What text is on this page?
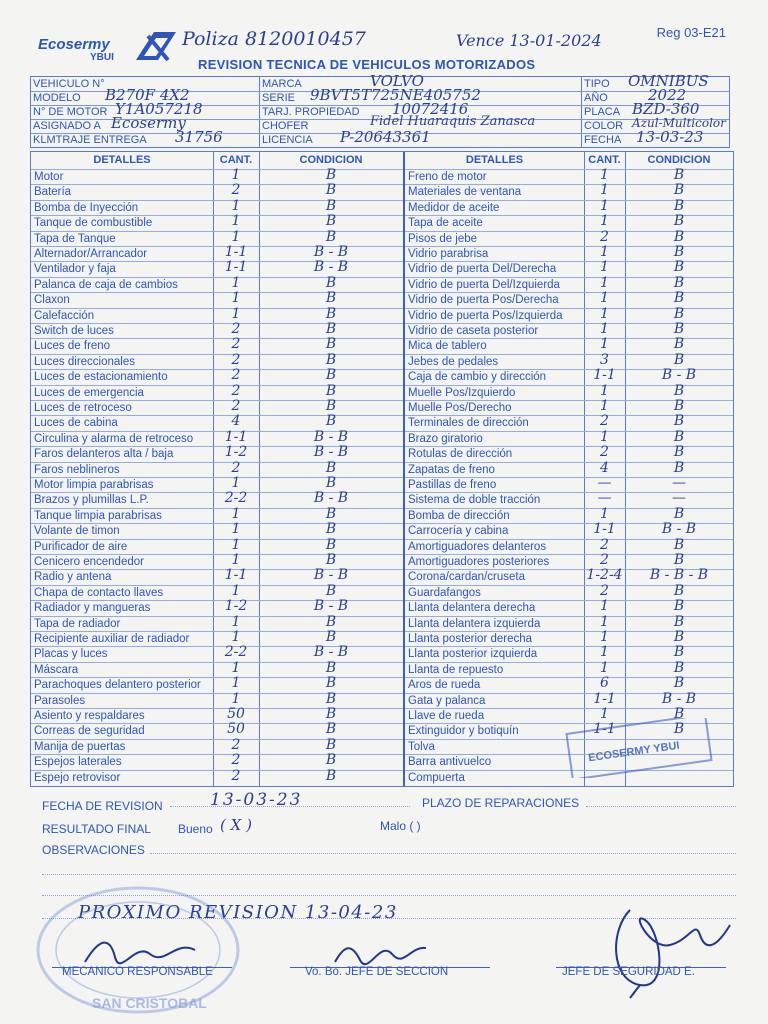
Ecosermy
YBUI
Poliza 8120010457	Vence 13-01-2024	Reg 03-E21
REVISION TECNICA DE VEHICULOS MOTORIZADOS
VEHICULO N°	MARCA	VOLVO	TIPO OMNIBUS
MODELO B270F 4X2	SERIE 9BVT5T725NE405752	AÑO	2022
N° DE MOTOR Y1A057218	TARJ. PROPIEDAD 10072416	PLACA BZD-360
ASIGNADO A Ecosermy	CHOFER	Fidel Huaraquis Zanasca	COLOR Azul-Multicolor
KLMTRAJE ENTREGA 31756	LICENCIA P-20643361	FECHA 13-03-23
DETALLES	CANT.	CONDICION	DETALLES	CANT.	CONDICION
Motor	1	B
Batería	2	B
Bomba de Inyección	1	B
Tanque de combustible	1	B
Tapa de Tanque	1	B
Alternador/Arrancador	1-1	B - B
Ventilador y faja	1-1	B - B
Palanca de caja de cambios	1	B
Claxon	1	B
Calefacción	1	B
Switch de luces	2	B
Luces de freno	2	B
Luces direccionales	2	B
Luces de estacionamiento	2	B
Luces de emergencia	2	B
Luces de retroceso	2	B
Luces de cabina	4	B
Circulina y alarma de retroceso	1-1	B - B
Faros delanteros alta / baja	1-2	B - B
Faros neblineros	2	B
Motor limpia parabrisas	1	B
Brazos y plumillas L.P.	2-2	B - B
Tanque limpia parabrisas	1	B
Volante de timon	1	B
Purificador de aire	1	B
Cenicero encendedor	1	B
Radio y antena	1-1	B - B
Chapa de contacto llaves	1	B
Radiador y mangueras	1-2	B - B
Tapa de radiador	1	B
Recipiente auxiliar de radiador	1	B
Placas y luces	2-2	B - B
Máscara	1	B
Parachoques delantero posterior	1	B
Parasoles	1	B
Asiento y respaldares	50	B
Correas de seguridad	50	B
Manija de puertas	2	B
Espejos laterales	2	B
Espejo retrovisor	2	B
Freno de motor	1	B
Materiales de ventana	1	B
Medidor de aceite	1	B
Tapa de aceite	1	B
Pisos de jebe	2	B
Vidrio parabrisa	1	B
Vidrio de puerta Del/Derecha	1	B
Vidrio de puerta Del/Izquierda	1	B
Vidrio de puerta Pos/Derecha	1	B
Vidrio de puerta Pos/Izquierda	1	B
Vidrio de caseta posterior	1	B
Mica de tablero	1	B
Jebes de pedales	3	B
Caja de cambio y dirección	1-1	B - B
Muelle Pos/Izquierdo	1	B
Muelle Pos/Derecho	1	B
Terminales de dirección	2	B
Brazo giratorio	1	B
Rotulas de dirección	2	B
Zapatas de freno	4	B
Pastillas de freno	—	—
Sistema de doble tracción	—	—
Bomba de dirección	1	B
Carrocería y cabina	1-1	B - B
Amortiguadores delanteros	2	B
Amortiguadores posteriores	2	B
Corona/cardan/cruseta	1-2-4	B - B - B
Guardafangos	2	B
Llanta delantera derecha	1	B
Llanta delantera izquierda	1	B
Llanta posterior derecha	1	B
Llanta posterior izquierda	1	B
Llanta de repuesto	1	B
Aros de rueda	6	B
Gata y palanca	1-1	B - B
Llave de rueda	1	B
Extinguidor y botiquín	1-1	B
Tolva
Barra antivuelco
Compuerta
FECHA DE REVISION	13-03-23	PLAZO DE REPARACIONES
RESULTADO FINAL Bueno ( X )	Malo ( )
OBSERVACIONES
PROXIMO REVISION 13-04-23
SAN CRISTOBAL
ECOSERMY YBUI
MECANICO RESPONSABLE	Vo. Bo. JEFE DE SECCION	JEFE DE SEGURIDAD E.
